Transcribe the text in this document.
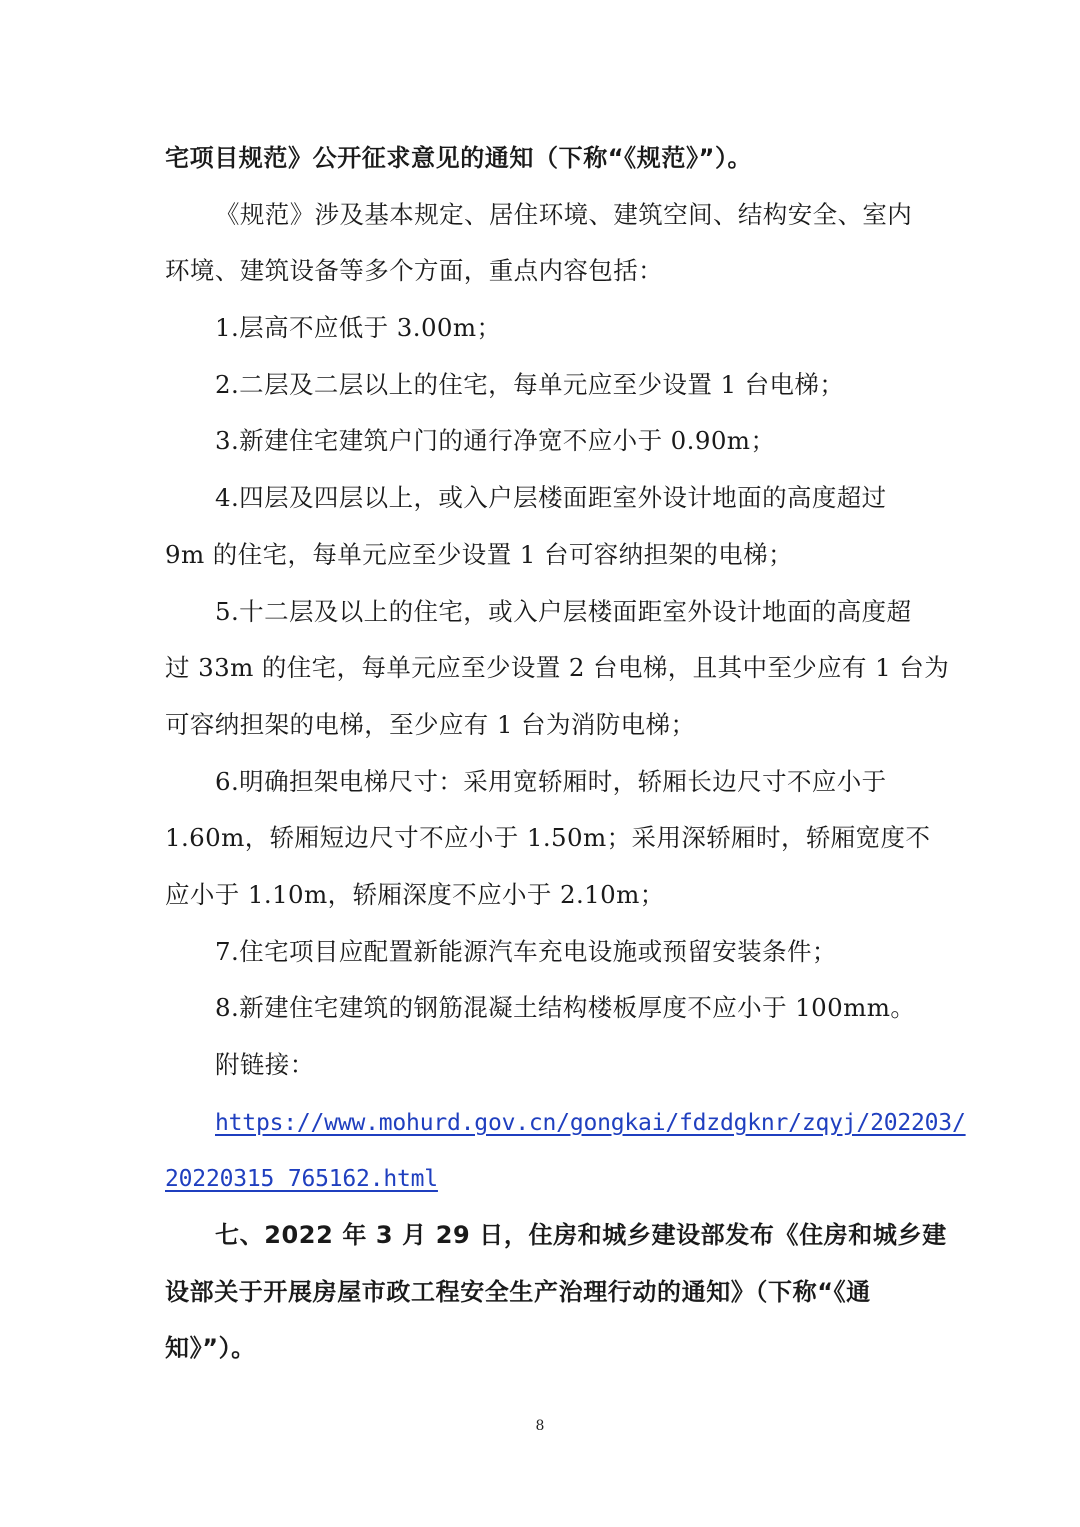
宅项目规范》公开征求意见的通知（下称“《规范》”）。
《规范》涉及基本规定、居住环境、建筑空间、结构安全、室内
环境、建筑设备等多个方面，重点内容包括：
1.层高不应低于 3.00m；
2.二层及二层以上的住宅，每单元应至少设置 1 台电梯；
3.新建住宅建筑户门的通行净宽不应小于 0.90m；
4.四层及四层以上，或入户层楼面距室外设计地面的高度超过
9m 的住宅，每单元应至少设置 1 台可容纳担架的电梯；
5.十二层及以上的住宅，或入户层楼面距室外设计地面的高度超
过 33m 的住宅，每单元应至少设置 2 台电梯，且其中至少应有 1 台为
可容纳担架的电梯，至少应有 1 台为消防电梯；
6.明确担架电梯尺寸：采用宽轿厢时，轿厢长边尺寸不应小于
1.60m，轿厢短边尺寸不应小于 1.50m；采用深轿厢时，轿厢宽度不
应小于 1.10m，轿厢深度不应小于 2.10m；
7.住宅项目应配置新能源汽车充电设施或预留安装条件；
8.新建住宅建筑的钢筋混凝土结构楼板厚度不应小于 100mm。
附链接：
https://www.mohurd.gov.cn/gongkai/fdzdgknr/zqyj/202203/
20220315_765162.html
七、2022 年 3 月 29 日，住房和城乡建设部发布《住房和城乡建
设部关于开展房屋市政工程安全生产治理行动的通知》（下称“《通
知》”）。
8
